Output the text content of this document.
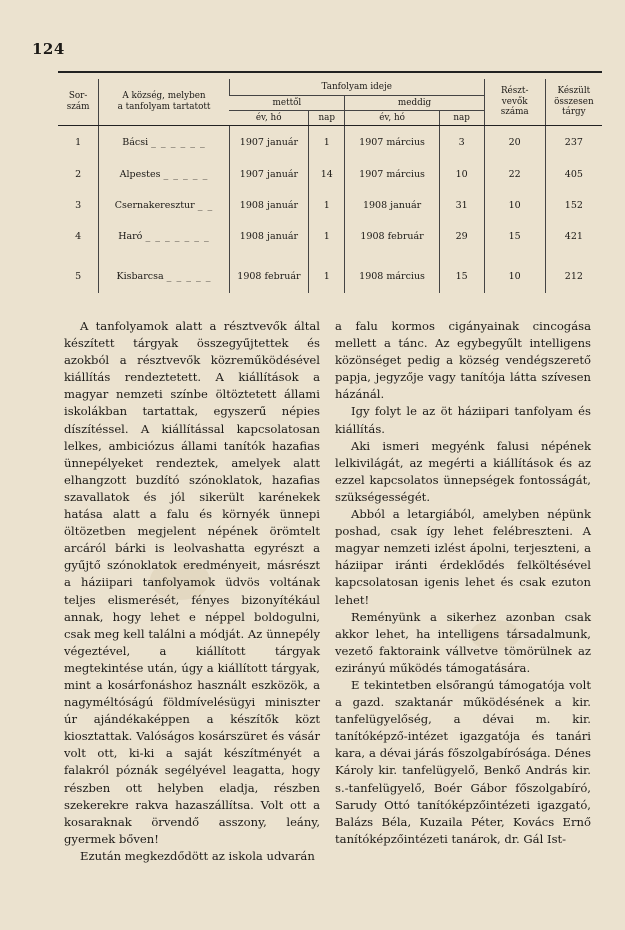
124
Sor-
szám	A község, melyben
a tanfolyam tartatott	Tanfolyam ideje				Részt-
vevők
száma	Készült
összesen
tárgy
		mettől		meddig			
		év, hó	nap	év, hó	nap		
1	Bácsi _ _ _ _ _ _	1907 január	1	1907 március	3	20	237
2	Alpestes _ _ _ _ _	1907 január	14	1907 március	10	22	405
3	Csernakeresztur _ _	1908 január	1	1908 január	31	10	152
4	Haró _ _ _ _ _ _ _	1908 január	1	1908 február	29	15	421
5	Kisbarcsa _ _ _ _ _	1908 február	1	1908 március	15	10	212

A tanfolyamok alatt a résztvevők által készített tárgyak összegyűjtettek és azokból a résztvevők közreműködésével kiállítás rendeztetett. A kiállítások a magyar nemzeti színbe öltöztetett állami iskolákban tartattak, egyszerű népies díszítéssel. A kiállítással kapcsolatosan lelkes, ambiciózus állami tanítók hazafias ünnepélyeket rendeztek, amelyek alatt elhangzott buzdító szónoklatok, hazafias szavallatok és jól sikerült karénekek hatása alatt a falu és környék ünnepi öltözetben megjelent népének örömtelt arcáról bárki is leolvashatta egyrészt a gyűjtő szónoklatok eredményeit, másrészt a háziipari tanfolyamok üdvös voltának teljes elismerését, fényes bizonyítékául annak, hogy lehet e néppel boldogulni, csak meg kell találni a módját. Az ünnepély végeztével, a kiállított tárgyak megtekintése után, úgy a kiállított tárgyak, mint a kosárfonáshoz használt eszközök, a nagyméltóságú földmívelésügyi miniszter úr ajándékaképpen a készítők közt kiosztattak. Valóságos kosárszüret és vásár volt ott, ki-ki a saját készítményét a falakról póznák segélyével leagatta, hogy részben ott helyben eladja, részben szekerekre rakva hazaszállítsa. Volt ott a kosaraknak örvendő asszony, leány, gyermek bőven!

Ezután megkezdődött az iskola udvarán

a falu kormos cigányainak cincogása mellett a tánc. Az egybegyűlt intelligens közönséget pedig a község vendégszerető papja, jegyzője vagy tanítója látta szívesen házánál.

Igy folyt le az öt háziipari tanfolyam és kiállítás.

Aki ismeri megyénk falusi népének lelkivilágát, az megérti a kiállítások és az ezzel kapcsolatos ünnepségek fontosságát, szükségességét.

Abból a letargiából, amelyben népünk poshad, csak így lehet felébreszteni. A magyar nemzeti izlést ápolni, terjeszteni, a háziipar iránti érdeklődés felköltésével kapcsolatosan igenis lehet és csak ezuton lehet!

Reményünk a sikerhez azonban csak akkor lehet, ha intelligens társadalmunk, vezető faktoraink vállvetve tömörülnek az ezirányú működés támogatására.

E tekintetben elsőrangú támogatója volt a gazd. szaktanár működésének a kir. tanfelügyelőség, a dévai m. kir. tanítóképző-intézet igazgatója és tanári kara, a dévai járás főszolgabírósága. Dénes Károly kir. tanfelügyelő, Benkő András kir. s.-tanfelügyelő, Boér Gábor főszolgabíró, Sarudy Ottó tanítóképzőintézeti igazgató, Balázs Béla, Kuzaila Péter, Kovács Ernő tanítóképzőintézeti tanárok, dr. Gál Ist-
